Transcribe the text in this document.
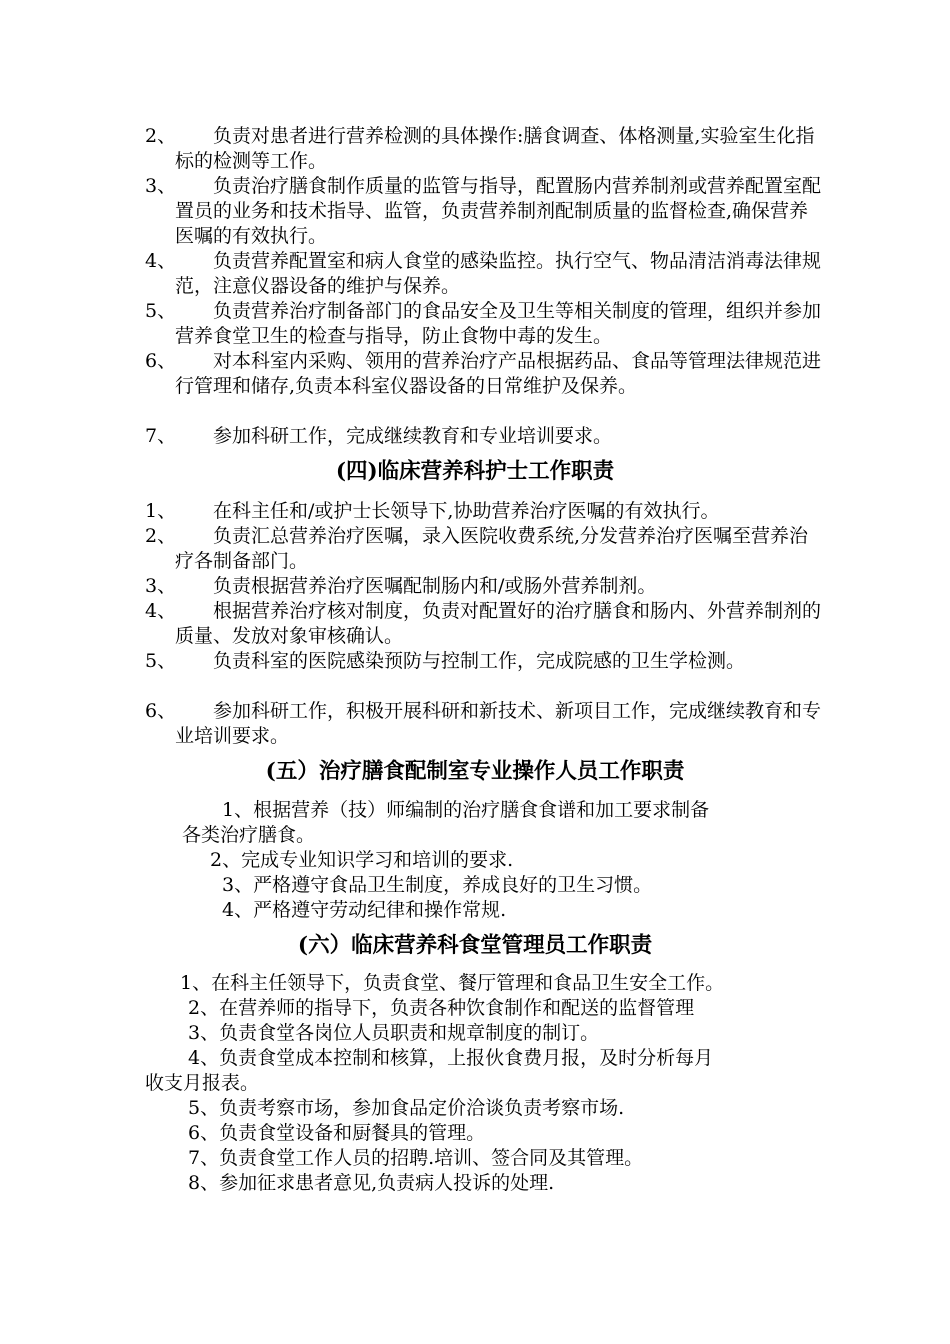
2、	负责对患者进行营养检测的具体操作:膳食调查、体格测量,实验室生化指标的检测等工作。
3、	负责治疗膳食制作质量的监管与指导，配置肠内营养制剂或营养配置室配置员的业务和技术指导、监管，负责营养制剂配制质量的监督检查,确保营养医嘱的有效执行。
4、	负责营养配置室和病人食堂的感染监控。执行空气、物品清洁消毒法律规范，注意仪器设备的维护与保养。
5、	负责营养治疗制备部门的食品安全及卫生等相关制度的管理，组织并参加营养食堂卫生的检查与指导，防止食物中毒的发生。
6、	对本科室内采购、领用的营养治疗产品根据药品、食品等管理法律规范进行管理和储存,负责本科室仪器设备的日常维护及保养。
7、	参加科研工作，完成继续教育和专业培训要求。
(四)临床营养科护士工作职责
1、	在科主任和/或护士长领导下,协助营养治疗医嘱的有效执行。
2、	负责汇总营养治疗医嘱，录入医院收费系统,分发营养治疗医嘱至营养治疗各制备部门。
3、	负责根据营养治疗医嘱配制肠内和/或肠外营养制剂。
4、	根据营养治疗核对制度，负责对配置好的治疗膳食和肠内、外营养制剂的质量、发放对象审核确认。
5、	负责科室的医院感染预防与控制工作，完成院感的卫生学检测。
6、	参加科研工作，积极开展科研和新技术、新项目工作，完成继续教育和专业培训要求。
(五）治疗膳食配制室专业操作人员工作职责
1、根据营养（技）师编制的治疗膳食食谱和加工要求制备
各类治疗膳食。
2、完成专业知识学习和培训的要求.
3、严格遵守食品卫生制度，养成良好的卫生习惯。
4、严格遵守劳动纪律和操作常规.
(六）临床营养科食堂管理员工作职责
1、在科主任领导下，负责食堂、餐厅管理和食品卫生安全工作。
2、在营养师的指导下，负责各种饮食制作和配送的监督管理
3、负责食堂各岗位人员职责和规章制度的制订。
4、负责食堂成本控制和核算，上报伙食费月报，及时分析每月
收支月报表。
5、负责考察市场，参加食品定价洽谈负责考察市场.
6、负责食堂设备和厨餐具的管理。
7、负责食堂工作人员的招聘.培训、签合同及其管理。
8、参加征求患者意见,负责病人投诉的处理.
